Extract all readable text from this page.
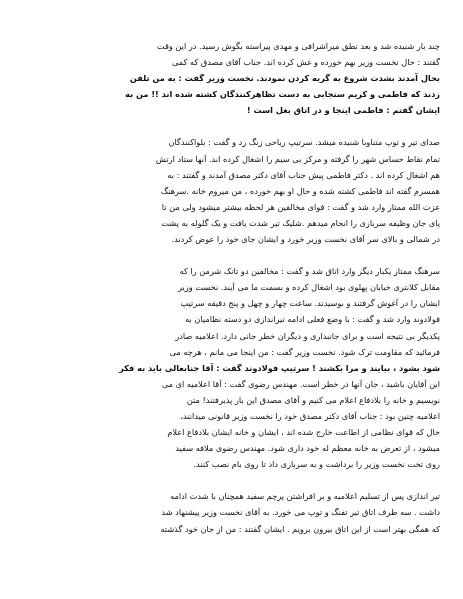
چند بار شنیده شد و بعد نطق میراشرافی و مهدی پیراسته بگوش رسید. در این وقت
گفتند : حال نخست وزیر بهم خورده و غش کرده اند. جناب آقای مصدق که کمی
بحال آمدند بشدت شروع به گریه کردن نمودند. نخست وزیر گفت : به من تلفن
زدند که فاطمی و کریم سنجابی به دست تظاهرکنندگان کشته شده اند !! من به
ایشان گفتم : فاطمی اینجا و در اتاق بغل است !

صدای تیر و توپ متناوبا شنیده میشد. سرتیپ ریاحی زنگ زد و گفت : بلواکنندگان
تمام نقاط حساس شهر را گرفته و مرکز بی سیم را اشغال کرده اند. آنها ستاد ارتش
هم اشغال کرده اند . دکتر فاطمی پیش جناب آقای دکتر مصدق آمدند و گفتند : به
همسرم گفته اند فاطمی کشته شده و حال او بهم خورده ، من میروم خانه .سرهنگ
عزت الله ممتاز وارد شد و گفت : قوای مخالفین هر لحظه بیشتر میشود ولی من تا
پای جان وظیفه سربازی را انجام میدهم .شلیک تیر شدت یافت و یک گلوله به پشت
در شمالی و بالای سر آقای نخست وزیر خورد و ایشان جای خود را عوض کردند.

سرهنگ ممتاز یکبار دیگر وارد اتاق شد و گفت : مخالفین دو تانک شرمن را که
مقابل کلانتری خیابان پهلوی بود اشغال کرده و بسمت ما می آیند. نخست وزیر
ایشان را در آغوش گرفتند و بوسیدند. ساعت چهار و چهل و پنج دقیقه سرتیپ
فولادوند وارد شد و گفت : با وضع فعلی ادامه تیراندازی دو دسته نظامیان به
یکدیگر بی نتیجه است و برای جانبداری و دیگران خطر جانی دارد. اعلامیه صادر
فرمائید که مقاومت ترک شود. نخست وزیر گفت : من اینجا می مانم ، هرچه می
شود بشود ، بیایند و مرا بکشند ! سرتیپ فولادوند گفت : آقا جنابعالی باید به فکر
این آقایان باشید ، جان آنها در خطر است. مهندس رضوی گفت : آقا اعلامیه ای می
نویسیم و خانه را بلادفاع اعلام می کنیم و آقای مصدق این بار پذیرفتند! متن
اعلامیه چنین بود : جناب آقای دکتر مصدق خود را نخست وزیر قانونی میدانند،
حال که قوای نظامی از اطاعت خارج شده اند ، ایشان و خانه ایشان بلادفاع اعلام
میشود ، از تعرض به خانه معظم له خود داری شود. مهندس رضوی ملافه سفید
روی تخت نخست وزیر را برداشت و به سربازی داد تا روی بام نصب کنند.

تیر اندازی پس از تسلیم اعلامیه و بر افراشتن پرچم سفید همچنان با شدت ادامه
داشت . سه طرف اتاق تیر تفنگ و توپ می خورد. به آقای نخست وزیر پیشنهاد شد
که همگی بهتر است از این اتاق بیرون برویم . ایشان گفتند : من از جان خود گذشته
